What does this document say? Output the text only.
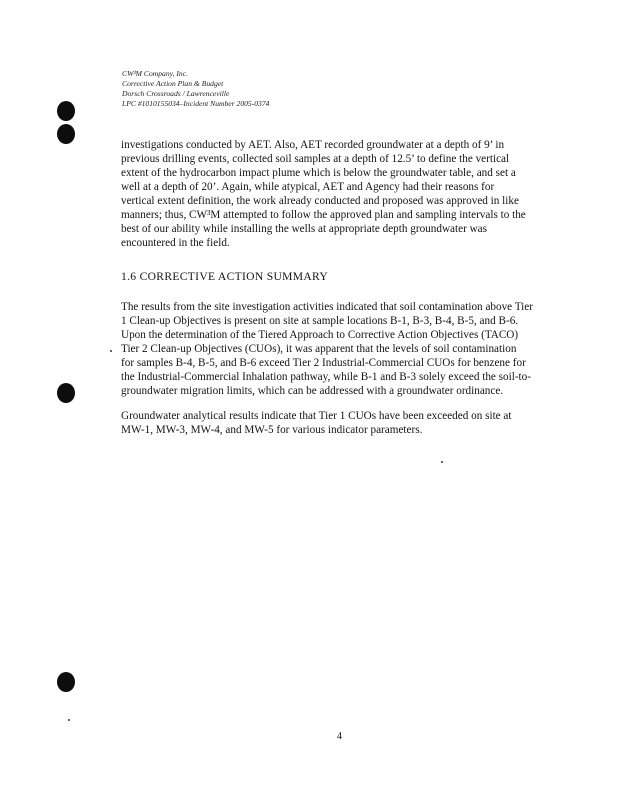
CW³M Company, Inc.
Corrective Action Plan & Budget
Dorsch Crossroads / Lawrenceville
LPC #1010155034–Incident Number 2005-0374
investigations conducted by AET. Also, AET recorded groundwater at a depth of 9’ in
previous drilling events, collected soil samples at a depth of 12.5’ to define the vertical
extent of the hydrocarbon impact plume which is below the groundwater table, and set a
well at a depth of 20’. Again, while atypical, AET and Agency had their reasons for
vertical extent definition, the work already conducted and proposed was approved in like
manners; thus, CW³M attempted to follow the approved plan and sampling intervals to the
best of our ability while installing the wells at appropriate depth groundwater was
encountered in the field.
1.6 CORRECTIVE ACTION SUMMARY
The results from the site investigation activities indicated that soil contamination above Tier
1 Clean-up Objectives is present on site at sample locations B-1, B-3, B-4, B-5, and B-6.
Upon the determination of the Tiered Approach to Corrective Action Objectives (TACO)
Tier 2 Clean-up Objectives (CUOs), it was apparent that the levels of soil contamination
for samples B-4, B-5, and B-6 exceed Tier 2 Industrial-Commercial CUOs for benzene for
the Industrial-Commercial Inhalation pathway, while B-1 and B-3 solely exceed the soil-to-
groundwater migration limits, which can be addressed with a groundwater ordinance.
Groundwater analytical results indicate that Tier 1 CUOs have been exceeded on site at
MW-1, MW-3, MW-4, and MW-5 for various indicator parameters.
4
